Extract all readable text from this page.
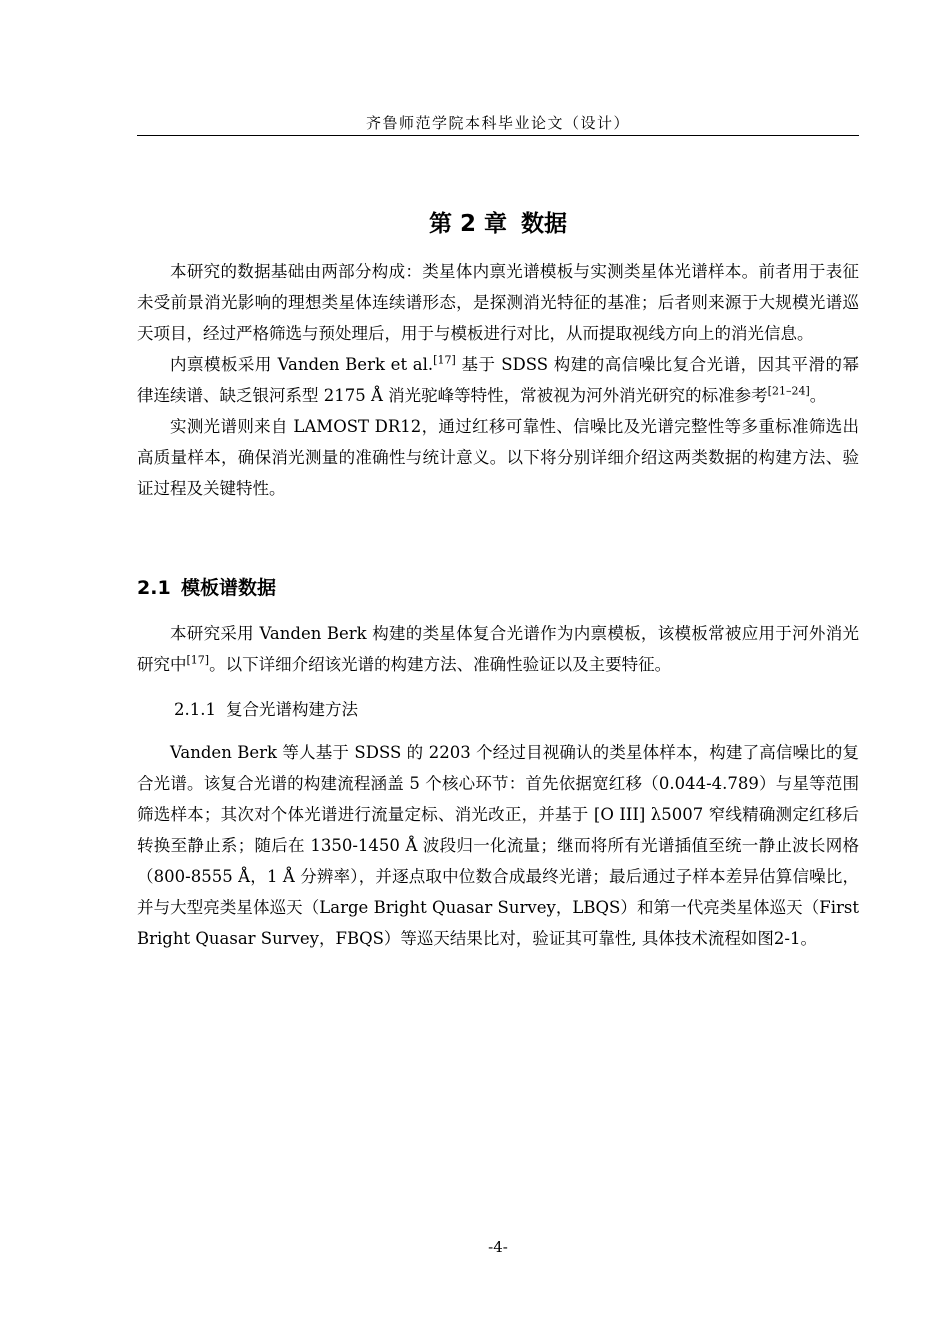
齐鲁师范学院本科毕业论文（设计）
第 2 章 数据

本研究的数据基础由两部分构成：类星体内禀光谱模板与实测类星体光谱样本。前者用于表征未受前景消光影响的理想类星体连续谱形态，是探测消光特征的基准；后者则来源于大规模光谱巡天项目，经过严格筛选与预处理后，用于与模板进行对比，从而提取视线方向上的消光信息。

内禀模板采用 Vanden Berk et al.[17] 基于 SDSS 构建的高信噪比复合光谱，因其平滑的幂律连续谱、缺乏银河系型 2175 Å 消光驼峰等特性，常被视为河外消光研究的标准参考[21–24]。

实测光谱则来自 LAMOST DR12，通过红移可靠性、信噪比及光谱完整性等多重标准筛选出高质量样本，确保消光测量的准确性与统计意义。以下将分别详细介绍这两类数据的构建方法、验证过程及关键特性。

2.1 模板谱数据

本研究采用 Vanden Berk 构建的类星体复合光谱作为内禀模板，该模板常被应用于河外消光研究中[17]。以下详细介绍该光谱的构建方法、准确性验证以及主要特征。

2.1.1 复合光谱构建方法

Vanden Berk 等人基于 SDSS 的 2203 个经过目视确认的类星体样本，构建了高信噪比的复合光谱。该复合光谱的构建流程涵盖 5 个核心环节：首先依据宽红移（0.044-4.789）与星等范围筛选样本；其次对个体光谱进行流量定标、消光改正，并基于 [O III] λ5007 窄线精确测定红移后转换至静止系；随后在 1350-1450 Å 波段归一化流量；继而将所有光谱插值至统一静止波长网格（800-8555 Å，1 Å 分辨率），并逐点取中位数合成最终光谱；最后通过子样本差异估算信噪比，并与大型亮类星体巡天（Large Bright Quasar Survey，LBQS）和第一代亮类星体巡天（First Bright Quasar Survey，FBQS）等巡天结果比对，验证其可靠性, 具体技术流程如图2-1。

-4-
